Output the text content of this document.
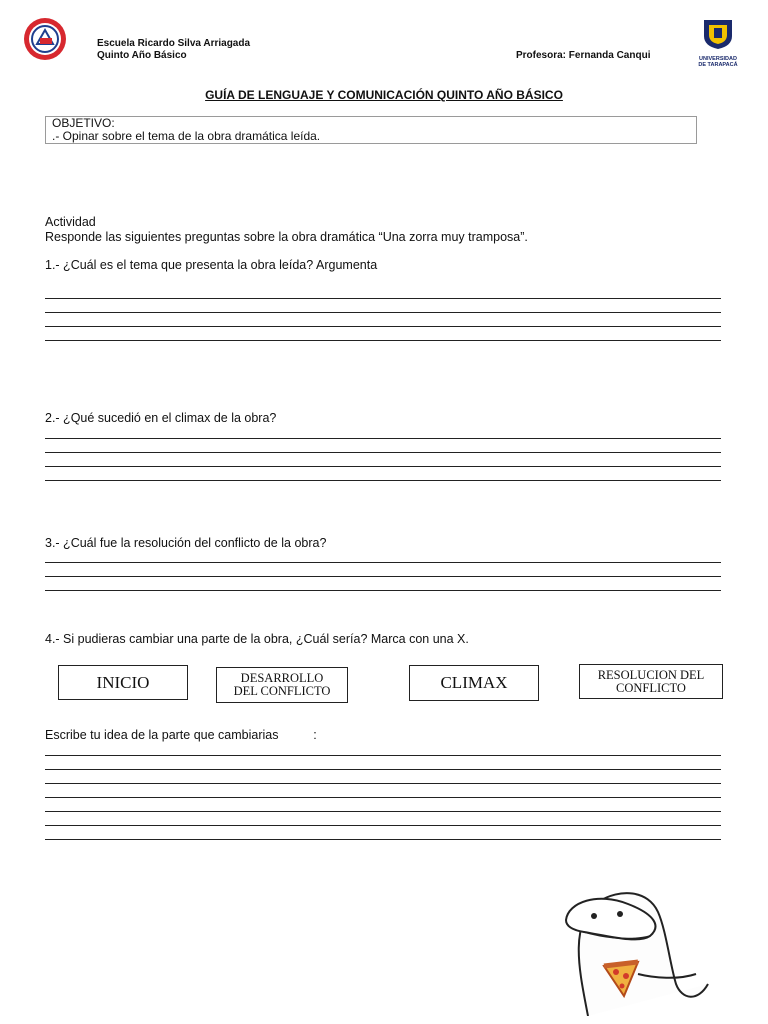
Escuela Ricardo Silva Arriagada
Quinto Año Básico	Profesora: Fernanda Canqui	UNIVERSIDAD
DE TARAPACÁ
GUÍA DE LENGUAJE Y COMUNICACIÓN QUINTO AÑO BÁSICO
OBJETIVO:
.- Opinar sobre el tema de la obra dramática leída.
Actividad
Responde las siguientes preguntas sobre la obra dramática “Una zorra muy tramposa”.
1.- ¿Cuál es el tema que presenta la obra leída? Argumenta
2.- ¿Qué sucedió en el climax de la obra?
3.- ¿Cuál fue la resolución del conflicto de la obra?
4.- Si pudieras cambiar una parte de la obra, ¿Cuál sería? Marca con una X.
INICIO	DESARROLLO DEL CONFLICTO	CLIMAX	RESOLUCION DEL CONFLICTO
Escribe tu idea de la parte que cambiarias          :
